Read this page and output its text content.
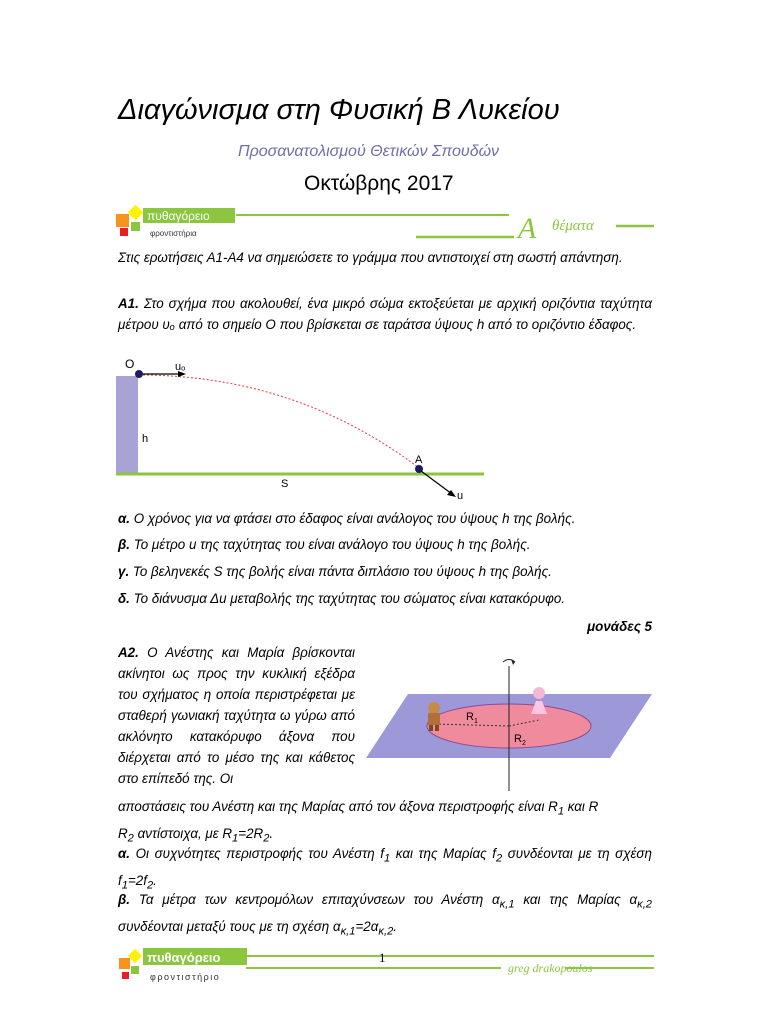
Διαγώνισμα στη Φυσική Β Λυκείου
Προσανατολισμού Θετικών Σπουδών
Οκτώβρης 2017
πυθαγόρειο
φροντιστήρια	Α θέματα
Στις ερωτήσεις Α1-Α4 να σημειώσετε το γράμμα που αντιστοιχεί στη σωστή απάντηση.
Α1. Στο σχήμα που ακολουθεί, ένα μικρό σώμα εκτοξεύεται με αρχική οριζόντια ταχύτητα μέτρου υₒ από το σημείο Ο που βρίσκεται σε ταράτσα ύψους h από το οριζόντιο έδαφος.
O	uₒ
h
S
A
u
α. Ο χρόνος για να φτάσει στο έδαφος είναι ανάλογος του ύψους h της βολής.
β. Το μέτρο u της ταχύτητας του είναι ανάλογο του ύψους h της βολής.
γ. Το βεληνεκές S της βολής είναι πάντα διπλάσιο του ύψους h της βολής.
δ. Το διάνυσμα Δu μεταβολής της ταχύτητας του σώματος είναι κατακόρυφο.
μονάδες 5
Α2. Ο Ανέστης και Μαρία βρίσκονται ακίνητοι ως προς την κυκλική εξέδρα του σχήματος η οποία περιστρέφεται με σταθερή γωνιακή ταχύτητα ω γύρω από ακλόνητο κατακόρυφο άξονα που διέρχεται από το μέσο της και κάθετος στο επίπεδό της. Οι
$R_1$
$R_2$
αποστάσεις του Ανέστη και της Μαρίας από τον άξονα περιστροφής είναι $R_1$ και R
$R_2$ αντίστοιχα, με $R_1=2R_2$.
α. Οι συχνότητες περιστροφής του Ανέστη $f_1$ και της Μαρίας $f_2$ συνδέονται με τη σχέση $f_1=2f_2$.
β. Τα μέτρα των κεντρομόλων επιταχύνσεων του Ανέστη $\alpha_{\kappa,1}$ και της Μαρίας $\alpha_{\kappa,2}$ συνδέονται μεταξύ τους με τη σχέση $\alpha_{\kappa,1}=2\alpha_{\kappa,2}$.
πυθαγόρειο
φροντιστήριο
1
greg drakopoulos
